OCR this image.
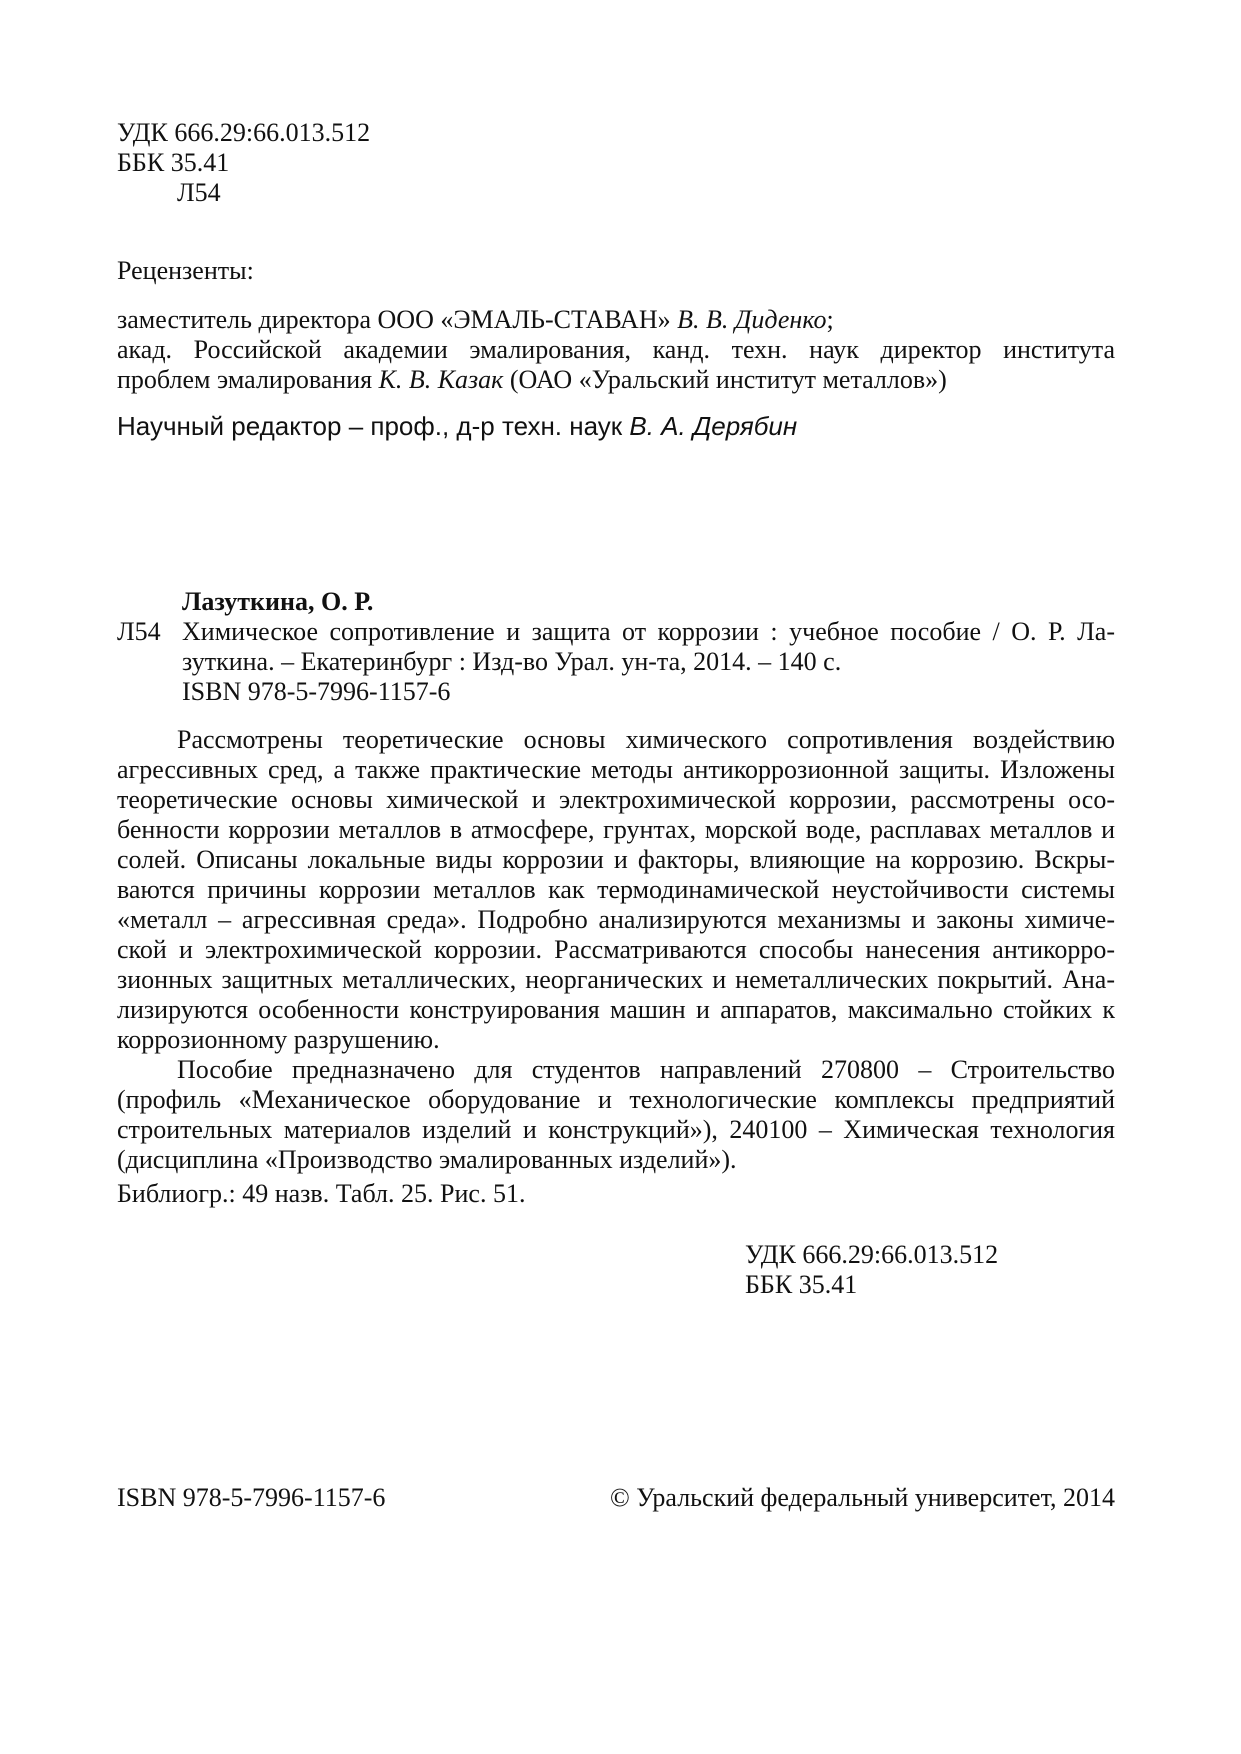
УДК 666.29:66.013.512
ББК 35.41
Л54
Рецензенты:
заместитель директора ООО «ЭМАЛЬ-СТАВАН» В. В. Диденко;
акад. Российской академии эмалирования, канд. техн. наук директор института
проблем эмалирования К. В. Казак (ОАО «Уральский институт металлов»)
Научный редактор – проф., д-р техн. наук В. А. Дерябин
Лазуткина, О. Р.
Л54 Химическое сопротивление и защита от коррозии : учебное пособие / О. Р. Ла-
зуткина. – Екатеринбург : Изд-во Урал. ун-та, 2014. – 140 с.
ISBN 978-5-7996-1157-6
Рассмотрены теоретические основы химического сопротивления воздействию
агрессивных сред, а также практические методы антикоррозионной защиты. Изложены
теоретические основы химической и электрохимической коррозии, рассмотрены осо-
бенности коррозии металлов в атмосфере, грунтах, морской воде, расплавах металлов и
солей. Описаны локальные виды коррозии и факторы, влияющие на коррозию. Вскры-
ваются причины коррозии металлов как термодинамической неустойчивости системы
«металл – агрессивная среда». Подробно анализируются механизмы и законы химиче-
ской и электрохимической коррозии. Рассматриваются способы нанесения антикорро-
зионных защитных металлических, неорганических и неметаллических покрытий. Ана-
лизируются особенности конструирования машин и аппаратов, максимально стойких к
коррозионному разрушению.
Пособие предназначено для студентов направлений 270800 – Строительство
(профиль «Механическое оборудование и технологические комплексы предприятий
строительных материалов изделий и конструкций»), 240100 – Химическая технология
(дисциплина «Производство эмалированных изделий»).
Библиогр.: 49 назв. Табл. 25. Рис. 51.
УДК 666.29:66.013.512
ББК 35.41
ISBN 978-5-7996-1157-6	© Уральский федеральный университет, 2014
